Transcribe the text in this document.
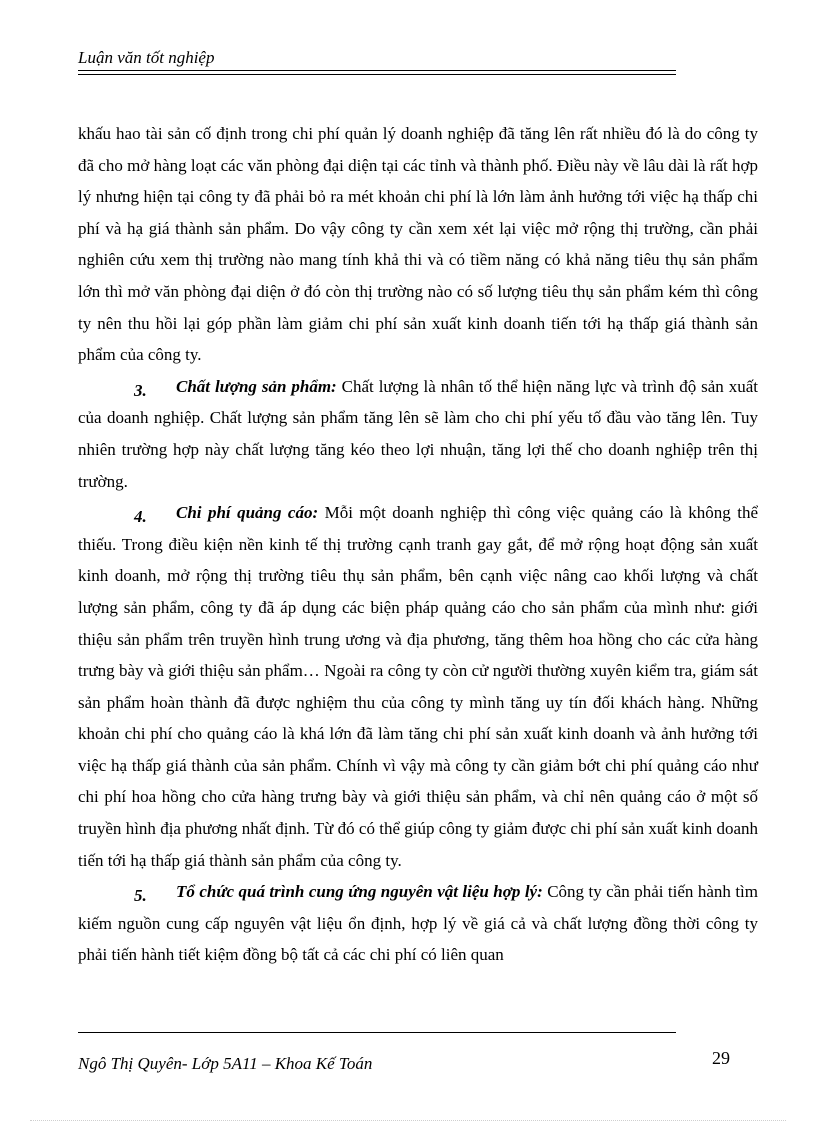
Luận văn tốt nghiệp

khấu hao tài sản cố định trong chi phí quản lý doanh nghiệp đã tăng lên rất nhiều đó là do công ty đã cho mở hàng loạt các văn phòng đại diện tại các tỉnh và thành phố. Điều này về lâu dài là rất hợp lý nhưng hiện tại công ty đã phải bỏ ra mét khoản chi phí là lớn làm ảnh hưởng tới việc hạ thấp chi phí và hạ giá thành sản phẩm. Do vậy công ty cần xem xét lại việc mở rộng thị trường, cần phải nghiên cứu xem thị trường nào mang tính khả thi và có tiềm năng có khả năng tiêu thụ sản phẩm lớn thì mở văn phòng đại diện ở đó còn thị trường nào có số lượng tiêu thụ sản phẩm kém thì công ty nên thu hồi lại góp phần làm giảm chi phí sản xuất kinh doanh tiến tới hạ thấp giá thành sản phẩm của công ty.

3. Chất lượng sản phẩm: Chất lượng là nhân tố thể hiện năng lực và trình độ sản xuất của doanh nghiệp. Chất lượng sản phẩm tăng lên sẽ làm cho chi phí yếu tố đầu vào tăng lên. Tuy nhiên trường hợp này chất lượng tăng kéo theo lợi nhuận, tăng lợi thế cho doanh nghiệp trên thị trường.

4. Chi phí quảng cáo: Mỗi một doanh nghiệp thì công việc quảng cáo là không thể thiếu. Trong điều kiện nền kinh tế thị trường cạnh tranh gay gắt, để mở rộng hoạt động sản xuất kinh doanh, mở rộng thị trường tiêu thụ sản phẩm, bên cạnh việc nâng cao khối lượng và chất lượng sản phẩm, công ty đã áp dụng các biện pháp quảng cáo cho sản phẩm của mình như: giới thiệu sản phẩm trên truyền hình trung ương và địa phương, tăng thêm hoa hồng cho các cửa hàng trưng bày và giới thiệu sản phẩm… Ngoài ra công ty còn cử người thường xuyên kiểm tra, giám sát sản phẩm hoàn thành đã được nghiệm thu của công ty mình tăng uy tín đối khách hàng. Những khoản chi phí cho quảng cáo là khá lớn đã làm tăng chi phí sản xuất kinh doanh và ảnh hưởng tới việc hạ thấp giá thành của sản phẩm. Chính vì vậy mà công ty cần giảm bớt chi phí quảng cáo như chi phí hoa hồng cho cửa hàng trưng bày và giới thiệu sản phẩm, và chỉ nên quảng cáo ở một số truyền hình địa phương nhất định. Từ đó có thể giúp công ty giảm được chi phí sản xuất kinh doanh tiến tới hạ thấp giá thành sản phẩm của công ty.

5. Tổ chức quá trình cung ứng nguyên vật liệu hợp lý: Công ty cần phải tiến hành tìm kiếm nguồn cung cấp nguyên vật liệu ổn định, hợp lý về giá cả và chất lượng đồng thời công ty phải tiến hành tiết kiệm đồng bộ tất cả các chi phí có liên quan

Ngô Thị Quyên- Lớp 5A11 – Khoa Kế Toán	29
